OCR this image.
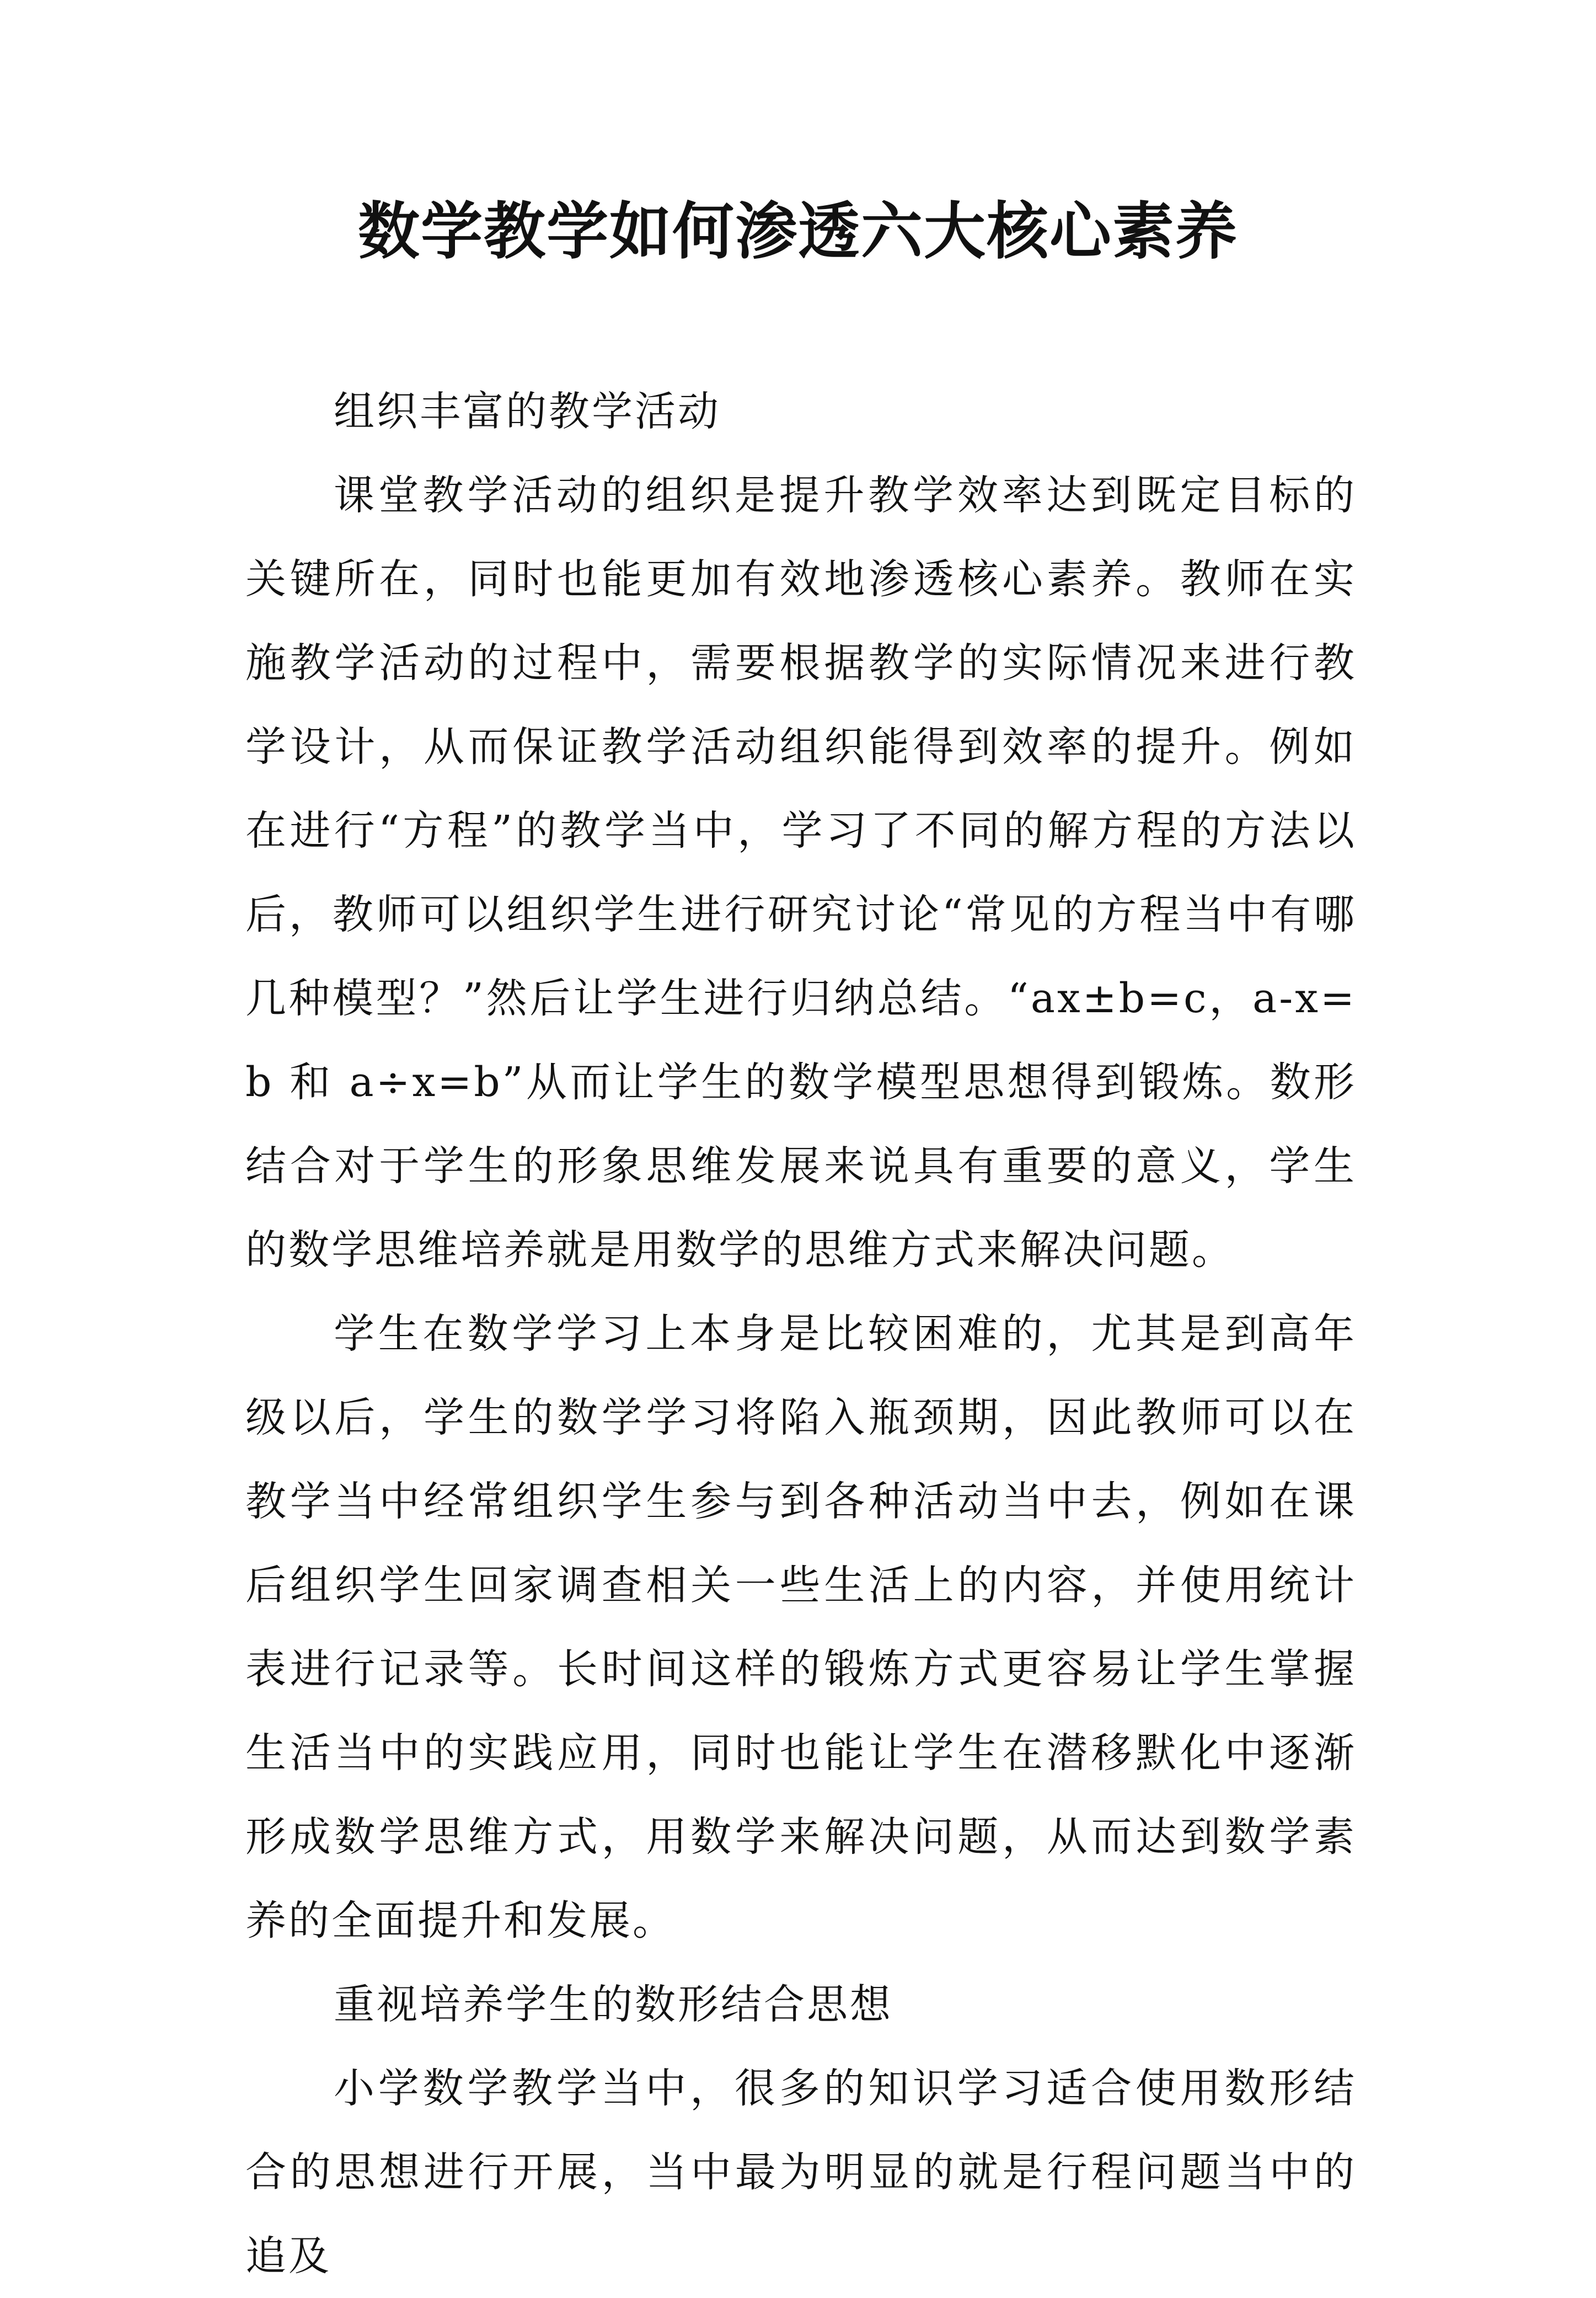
数学教学如何渗透六大核心素养

组织丰富的教学活动

课堂教学活动的组织是提升教学效率达到既定目标的关键所在，同时也能更加有效地渗透核心素养。教师在实施教学活动的过程中，需要根据教学的实际情况来进行教学设计，从而保证教学活动组织能得到效率的提升。例如在进行“方程”的教学当中，学习了不同的解方程的方法以后，教师可以组织学生进行研究讨论“常见的方程当中有哪几种模型？”然后让学生进行归纳总结。“ax±b=c，a-x=b 和 a÷x=b”从而让学生的数学模型思想得到锻炼。数形结合对于学生的形象思维发展来说具有重要的意义，学生的数学思维培养就是用数学的思维方式来解决问题。

学生在数学学习上本身是比较困难的，尤其是到高年级以后，学生的数学学习将陷入瓶颈期，因此教师可以在教学当中经常组织学生参与到各种活动当中去，例如在课后组织学生回家调查相关一些生活上的内容，并使用统计表进行记录等。长时间这样的锻炼方式更容易让学生掌握生活当中的实践应用，同时也能让学生在潜移默化中逐渐形成数学思维方式，用数学来解决问题，从而达到数学素养的全面提升和发展。

重视培养学生的数形结合思想

小学数学教学当中，很多的知识学习适合使用数形结合的思想进行开展，当中最为明显的就是行程问题当中的追及
